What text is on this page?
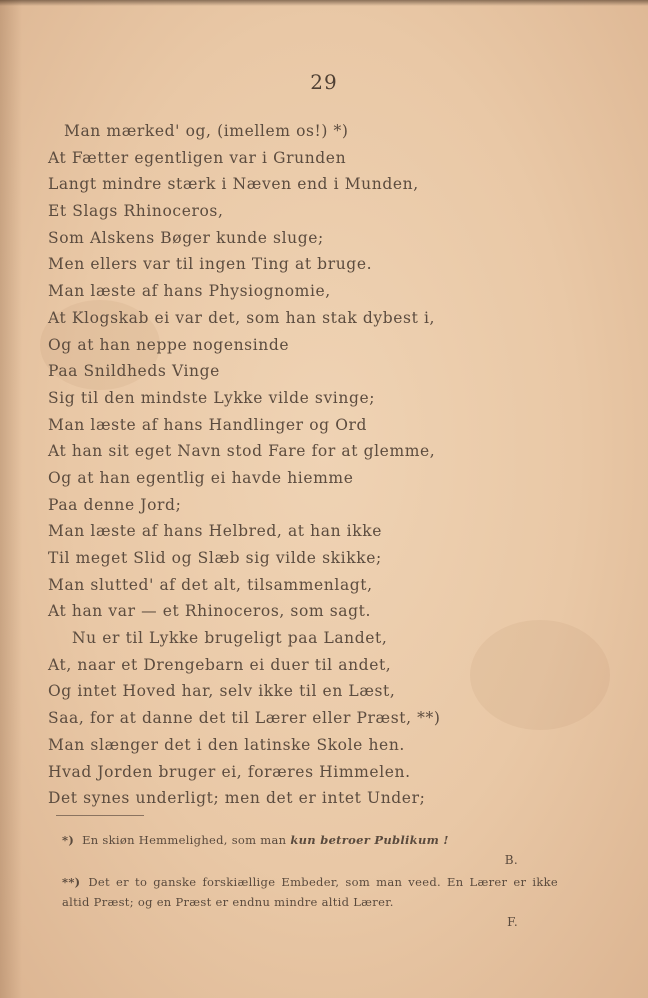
29
Man mærked' og, (imellem os!) *)
At Fætter egentligen var i Grunden
Langt mindre stærk i Næven end i Munden,
Et Slags Rhinoceros,
Som Alskens Bøger kunde sluge;
Men ellers var til ingen Ting at bruge.
Man læste af hans Physiognomie,
At Klogskab ei var det, som han stak dybest i,
Og at han neppe nogensinde
Paa Snildheds Vinge
Sig til den mindste Lykke vilde svinge;
Man læste af hans Handlinger og Ord
At han sit eget Navn stod Fare for at glemme,
Og at han egentlig ei havde hiemme
Paa denne Jord;
Man læste af hans Helbred, at han ikke
Til meget Slid og Slæb sig vilde skikke;
Man slutted' af det alt, tilsammenlagt,
At han var — et Rhinoceros, som sagt.
Nu er til Lykke brugeligt paa Landet,
At, naar et Drengebarn ei duer til andet,
Og intet Hoved har, selv ikke til en Læst,
Saa, for at danne det til Lærer eller Præst, **)
Man slænger det i den latinske Skole hen.
Hvad Jorden bruger ei, foræres Himmelen.
Det synes underligt; men det er intet Under;
*) En skiøn Hemmelighed, som man kun betroer Publikum !
B.
**) Det er to ganske forskiællige Embeder, som man veed. En Lærer er ikke altid Præst; og en Præst er endnu mindre altid Lærer.
F.
